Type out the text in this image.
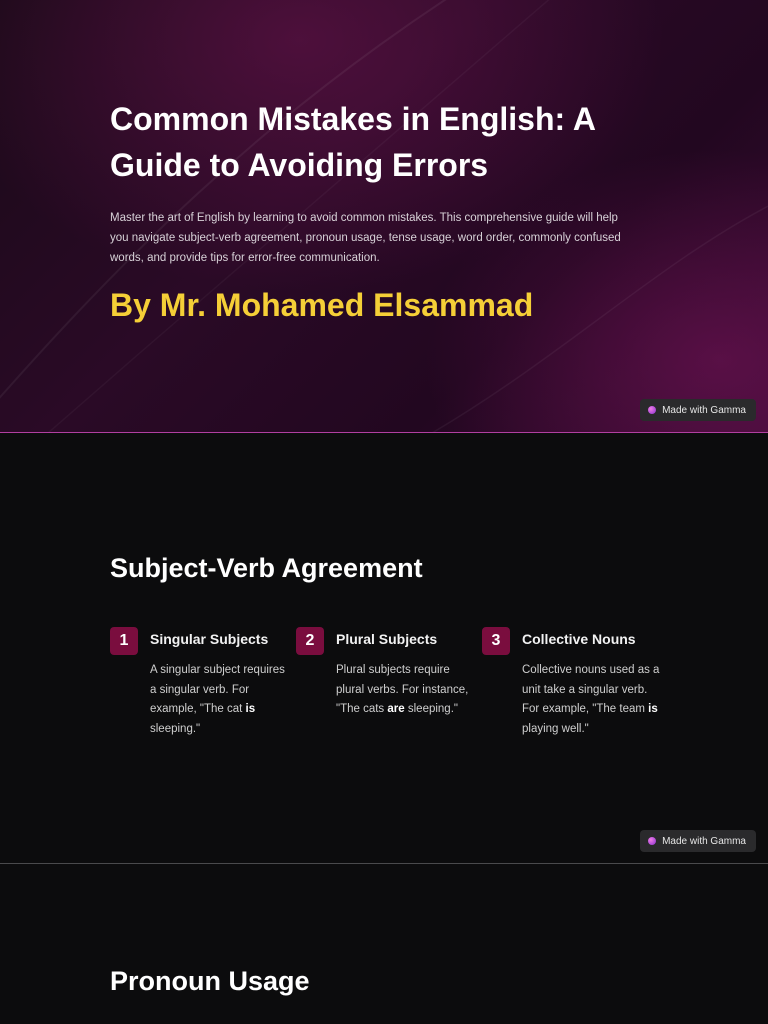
Common Mistakes in English: A
Guide to Avoiding Errors

Master the art of English by learning to avoid common mistakes. This comprehensive guide will help
you navigate subject-verb agreement, pronoun usage, tense usage, word order, commonly confused
words, and provide tips for error-free communication.

By Mr. Mohamed Elsammad
Made with Gamma
Subject-Verb Agreement
1	Singular Subjects

A singular subject requires a singular verb. For example, "The cat is sleeping."

2	Plural Subjects

Plural subjects require plural verbs. For instance, "The cats are sleeping."

3	Collective Nouns

Collective nouns used as a unit take a singular verb. For example, "The team is playing well."

Made with Gamma
Pronoun Usage
